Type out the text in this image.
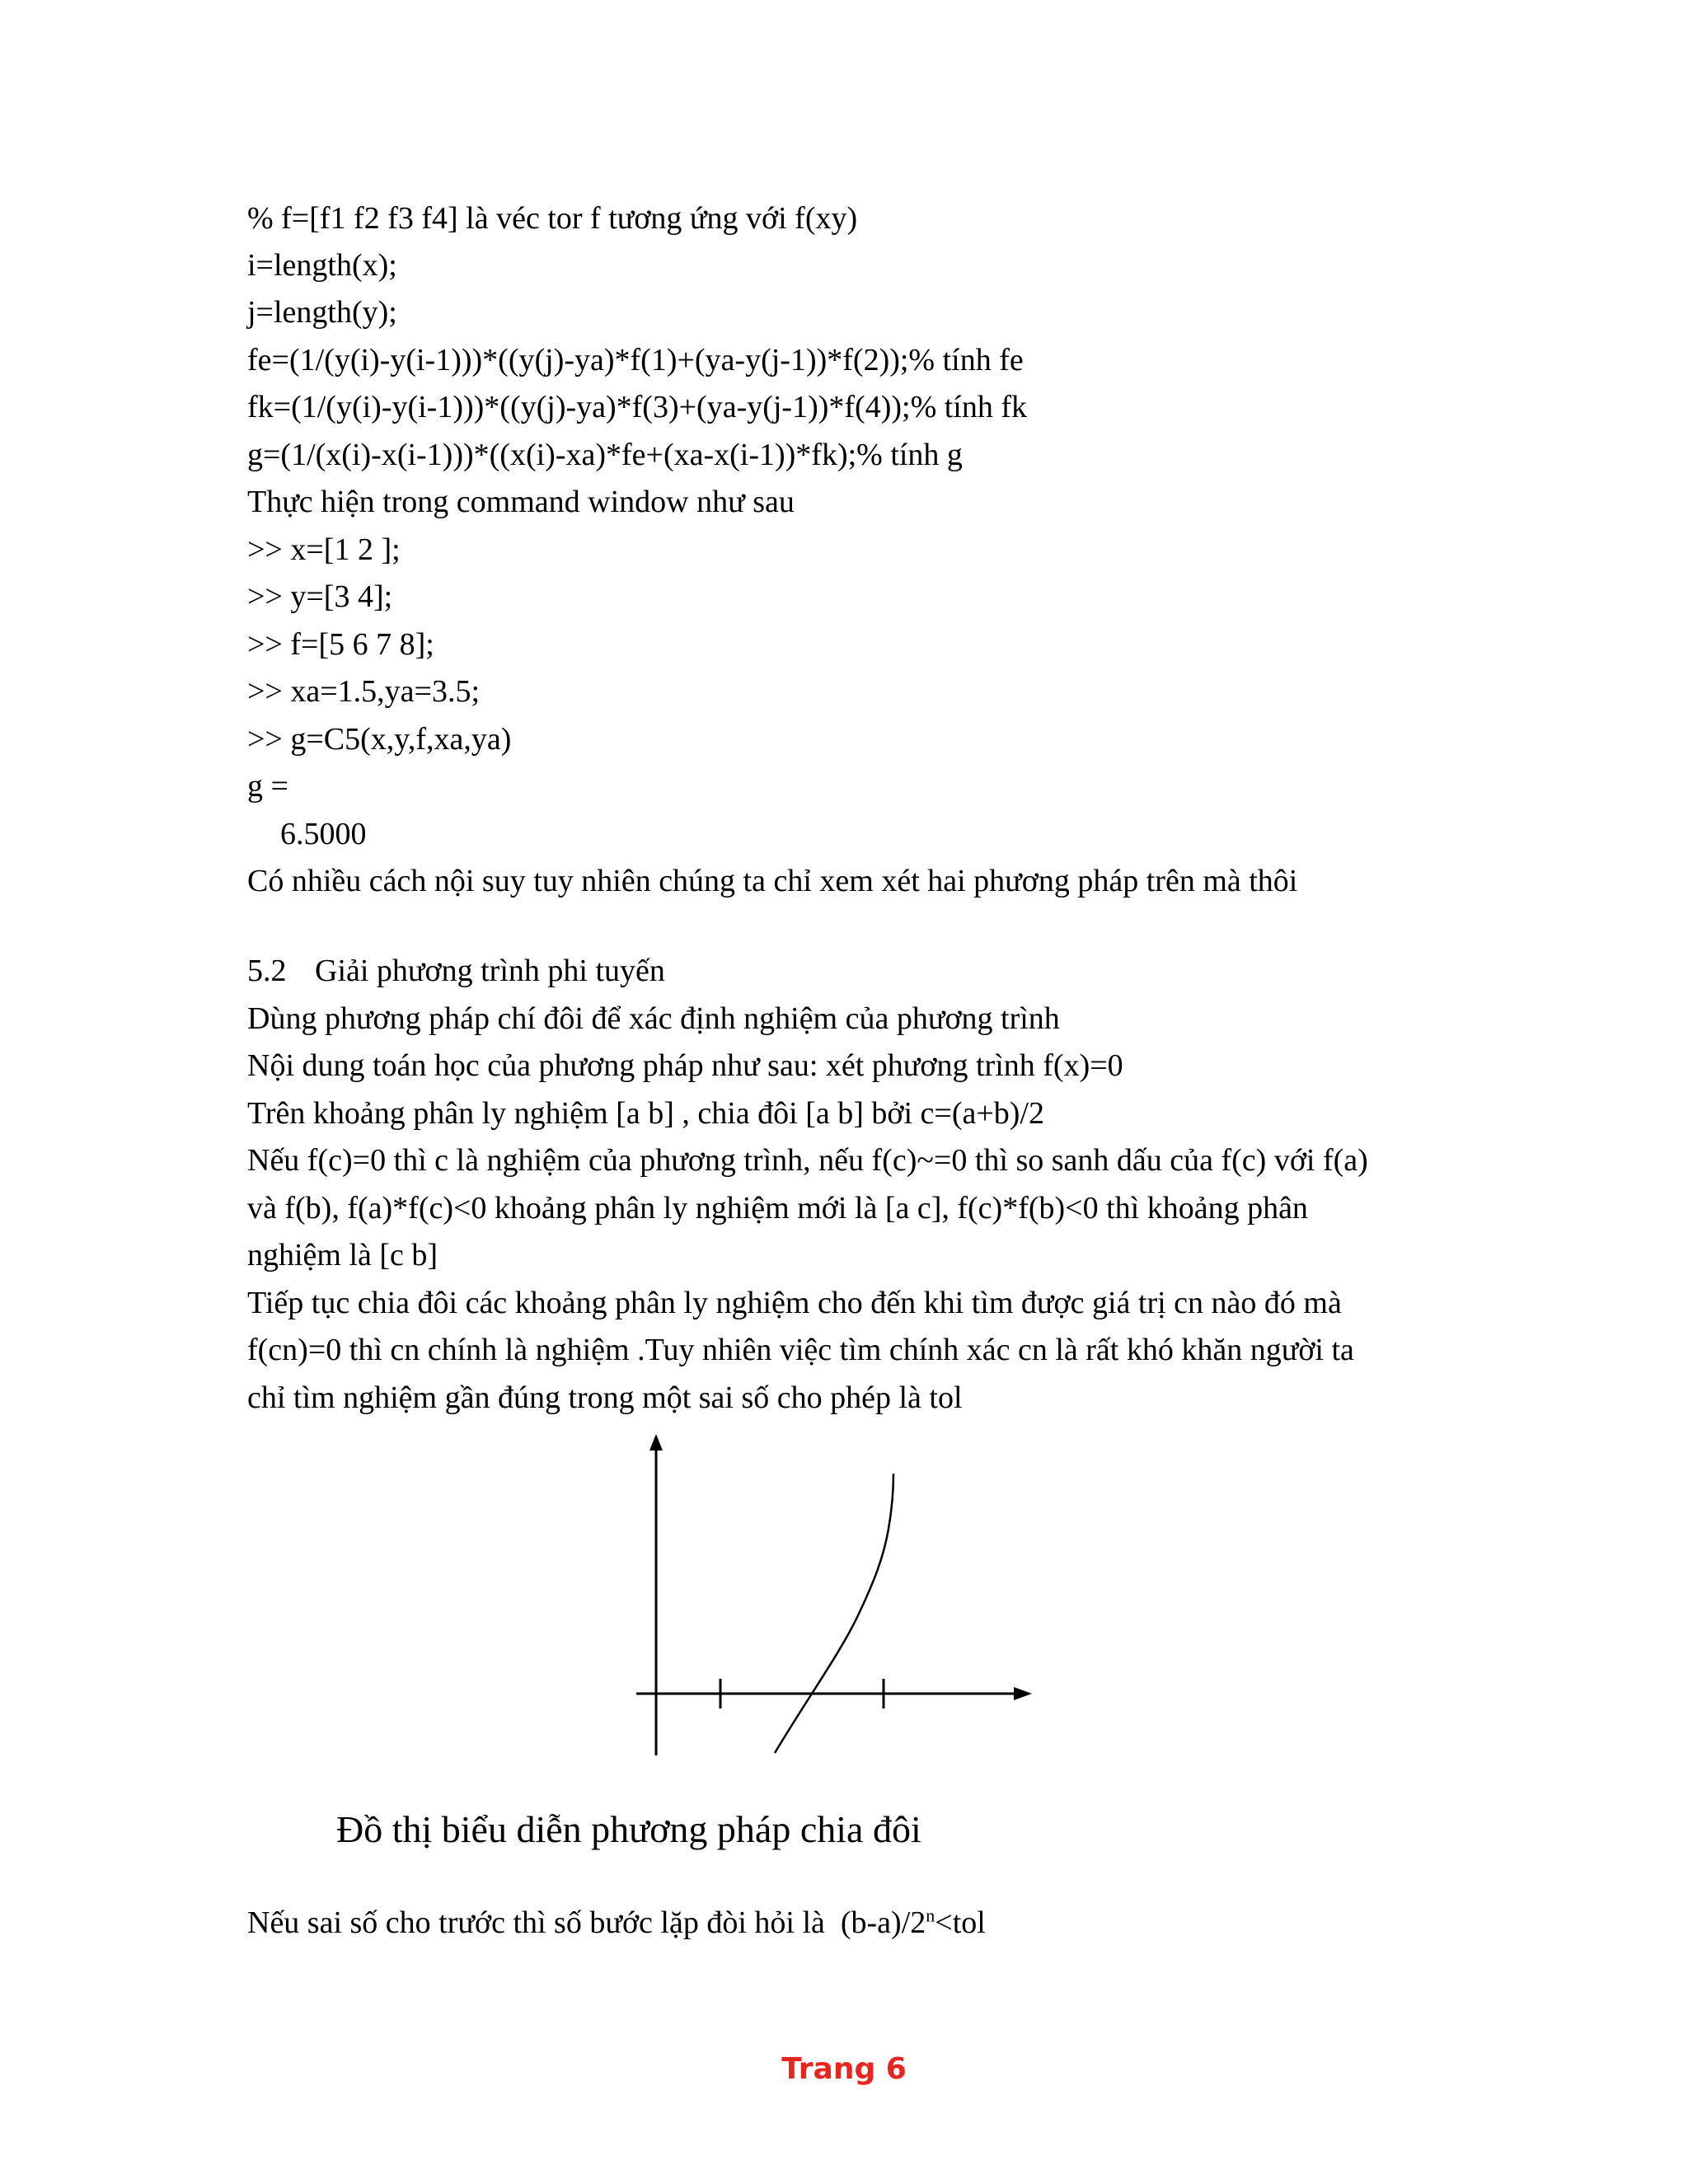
% f=[f1 f2 f3 f4] là véc tor f tương ứng với f(xy)
i=length(x);
j=length(y);
fe=(1/(y(i)-y(i-1)))*((y(j)-ya)*f(1)+(ya-y(j-1))*f(2));% tính fe
fk=(1/(y(i)-y(i-1)))*((y(j)-ya)*f(3)+(ya-y(j-1))*f(4));% tính fk
g=(1/(x(i)-x(i-1)))*((x(i)-xa)*fe+(xa-x(i-1))*fk);% tính g
Thực hiện trong command window như sau
>> x=[1 2 ];
>> y=[3 4];
>> f=[5 6 7 8];
>> xa=1.5,ya=3.5;
>> g=C5(x,y,f,xa,ya)
g =
6.5000
Có nhiều cách nội suy tuy nhiên chúng ta chỉ xem xét hai phương pháp trên mà thôi
5.2 Giải phương trình phi tuyến
Dùng phương pháp chí đôi để xác định nghiệm của phương trình
Nội dung toán học của phương pháp như sau: xét phương trình f(x)=0
Trên khoảng phân ly nghiệm [a b] , chia đôi [a b] bởi c=(a+b)/2
Nếu f(c)=0 thì c là nghiệm của phương trình, nếu f(c)~=0 thì so sanh dấu của f(c) với f(a)
và f(b), f(a)*f(c)<0 khoảng phân ly nghiệm mới là [a c], f(c)*f(b)<0 thì khoảng phân
nghiệm là [c b]
Tiếp tục chia đôi các khoảng phân ly nghiệm cho đến khi tìm được giá trị cn nào đó mà
f(cn)=0 thì cn chính là nghiệm .Tuy nhiên việc tìm chính xác cn là rất khó khăn người ta
chỉ tìm nghiệm gần đúng trong một sai số cho phép là tol
Đồ thị biểu diễn phương pháp chia đôi
Nếu sai số cho trước thì số bước lặp đòi hỏi là  $(b-a)/2^n<tol$
Trang 6
